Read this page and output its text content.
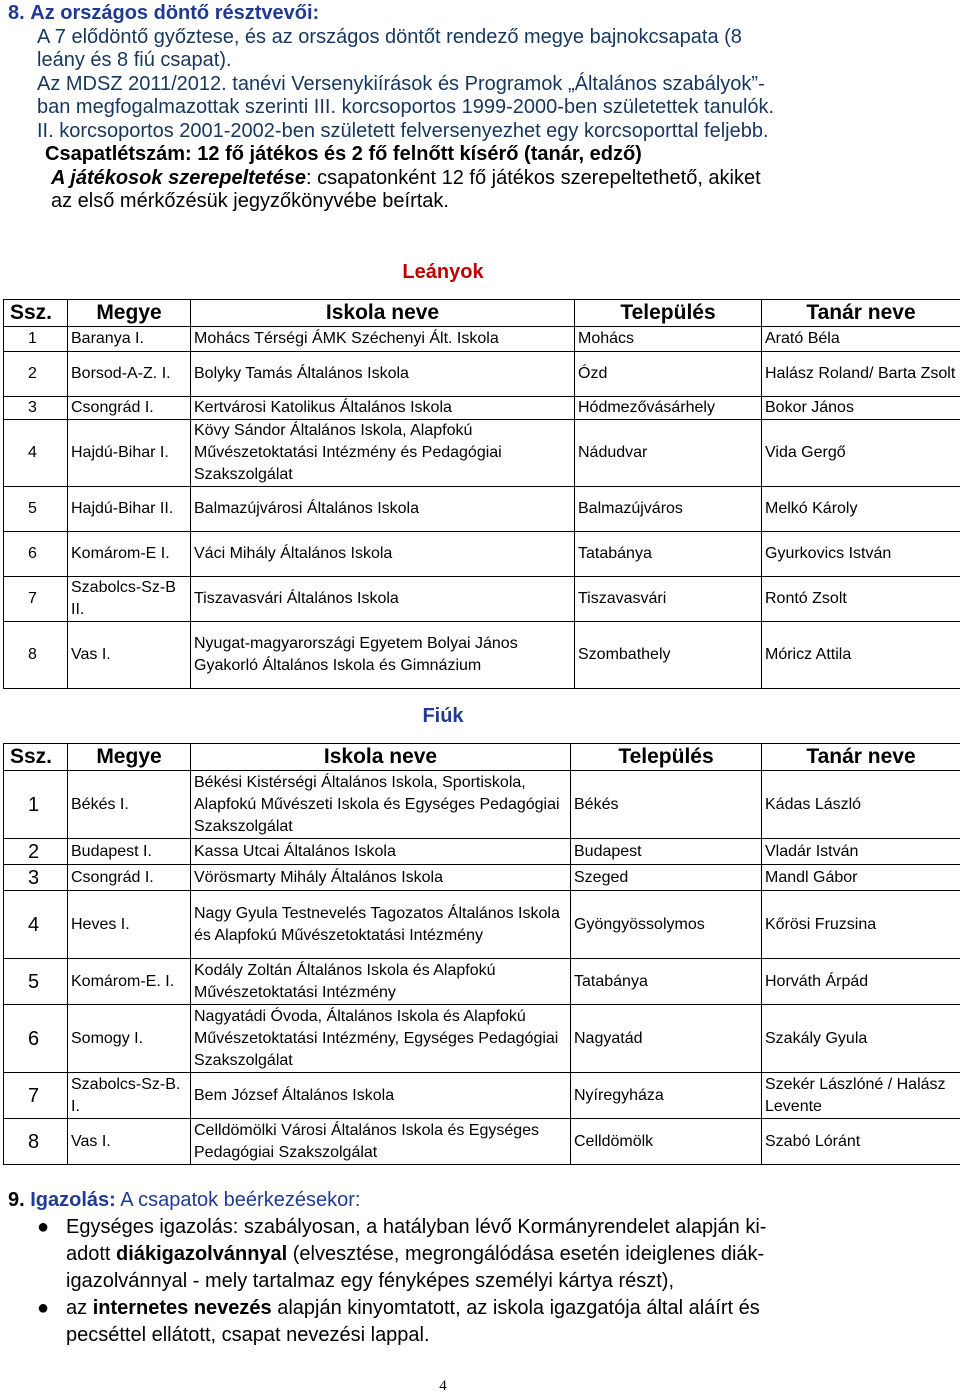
8. Az országos döntő résztvevői:
A 7 elődöntő győztese, és az országos döntőt rendező megye bajnokcsapata (8
leány és 8 fiú csapat).
Az MDSZ 2011/2012. tanévi Versenykiírások és Programok „Általános szabályok”-
ban megfogalmazottak szerinti III. korcsoportos 1999-2000-ben születettek tanulók.
II. korcsoportos 2001-2002-ben született felversenyezhet egy korcsoporttal feljebb.
Csapatlétszám: 12 fő játékos és 2 fő felnőtt kísérő (tanár, edző)
A játékosok szerepeltetése: csapatonként 12 fő játékos szerepeltethető, akiket
az első mérkőzésük jegyzőkönyvébe beírtak.
Leányok
Ssz.	Megye	Iskola neve	Település	Tanár neve
1	Baranya I.	Mohács Térségi ÁMK Széchenyi Ált. Iskola	Mohács	Arató Béla
2	Borsod-A-Z. I.	Bolyky Tamás Általános Iskola	Ózd	Halász Roland/ Barta Zsolt
3	Csongrád I.	Kertvárosi Katolikus Általános Iskola	Hódmezővásárhely	Bokor János
4	Hajdú-Bihar I.	Kövy Sándor Általános Iskola, Alapfokú Művészetoktatási Intézmény és Pedagógiai Szakszolgálat	Nádudvar	Vida Gergő
5	Hajdú-Bihar II.	Balmazújvárosi Általános Iskola	Balmazújváros	Melkó Károly
6	Komárom-E I.	Váci Mihály Általános Iskola	Tatabánya	Gyurkovics István
7	Szabolcs-Sz-B II.	Tiszavasvári Általános Iskola	Tiszavasvári	Rontó Zsolt
8	Vas I.	Nyugat-magyarországi Egyetem Bolyai János Gyakorló Általános Iskola és Gimnázium	Szombathely	Móricz Attila
Fiúk
Ssz.	Megye	Iskola neve	Település	Tanár neve
1	Békés I.	Békési Kistérségi Általános Iskola, Sportiskola, Alapfokú Művészeti Iskola és Egységes Pedagógiai Szakszolgálat	Békés	Kádas László
2	Budapest I.	Kassa Utcai Általános Iskola	Budapest	Vladár István
3	Csongrád I.	Vörösmarty Mihály Általános Iskola	Szeged	Mandl Gábor
4	Heves I.	Nagy Gyula Testnevelés Tagozatos Általános Iskola és Alapfokú Művészetoktatási Intézmény	Gyöngyössolymos	Kőrösi Fruzsina
5	Komárom-E. I.	Kodály Zoltán Általános Iskola és Alapfokú Művészetoktatási Intézmény	Tatabánya	Horváth Árpád
6	Somogy I.	Nagyatádi Óvoda, Általános Iskola és Alapfokú Művészetoktatási Intézmény, Egységes Pedagógiai Szakszolgálat	Nagyatád	Szakály Gyula
7	Szabolcs-Sz-B. I.	Bem József Általános Iskola	Nyíregyháza	Szekér Lászlóné / Halász Levente
8	Vas I.	Celldömölki Városi Általános Iskola és Egységes Pedagógiai Szakszolgálat	Celldömölk	Szabó Lóránt
9. Igazolás: A csapatok beérkezésekor:
● Egységes igazolás: szabályosan, a hatályban lévő Kormányrendelet alapján ki-
adott diákigazolvánnyal (elvesztése, megrongálódása esetén ideiglenes diák-
igazolvánnyal - mely tartalmaz egy fényképes személyi kártya részt),
● az internetes nevezés alapján kinyomtatott, az iskola igazgatója által aláírt és
pecséttel ellátott, csapat nevezési lappal.
4
